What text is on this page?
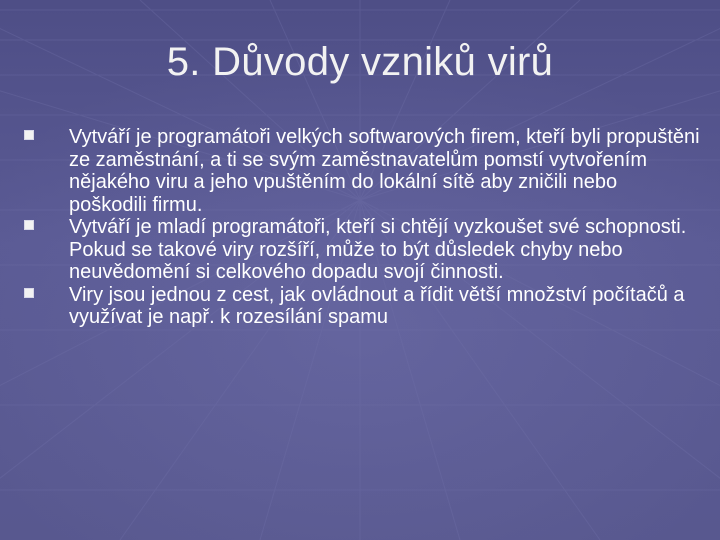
5. Důvody vzniků virů
Vytváří je programátoři velkých softwarových firem, kteří byli propuštěni ze zaměstnání, a ti se svým zaměstnavatelům pomstí vytvořením nějakého viru a jeho vpuštěním do lokální sítě aby zničili nebo poškodili firmu.
Vytváří je mladí programátoři, kteří si chtějí vyzkoušet své schopnosti. Pokud se takové viry rozšíří, může to být důsledek chyby nebo neuvědomění si celkového dopadu svojí činnosti.
Viry jsou jednou z cest, jak ovládnout a řídit větší množství počítačů a využívat je např. k rozesílání spamu
